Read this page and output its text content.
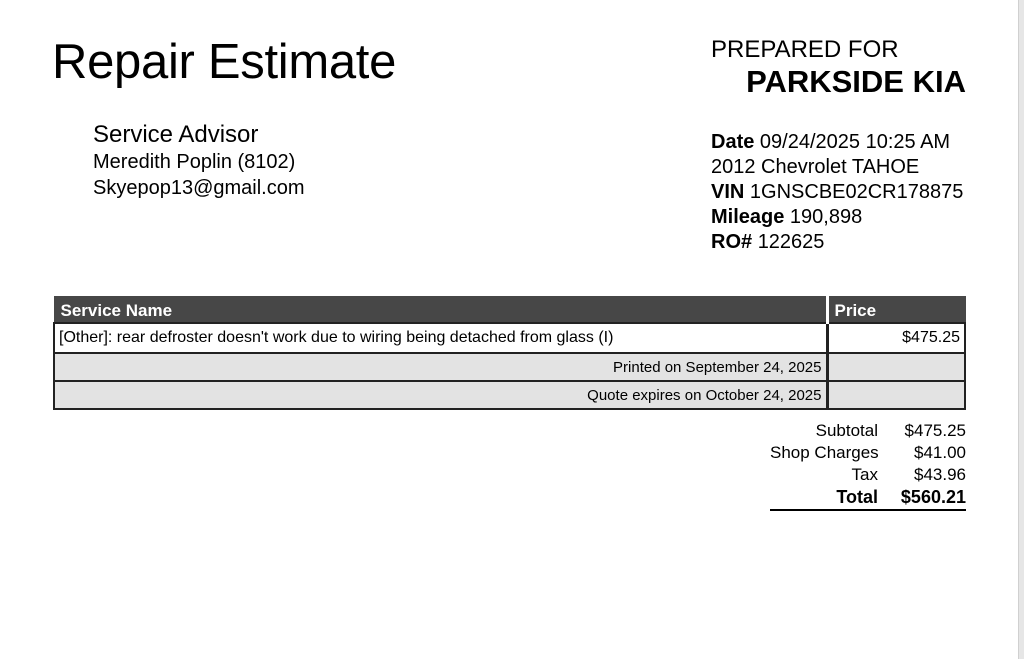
Repair Estimate	PREPARED FOR
PARKSIDE KIA
Service Advisor
Meredith Poplin (8102)
Skyepop13@gmail.com
Date 09/24/2025 10:25 AM
2012 Chevrolet TAHOE
VIN 1GNSCBE02CR178875
Mileage 190,898
RO# 122625
Service Name	Price
[Other]: rear defroster doesn't work due to wiring being detached from glass (I)	$475.25
Printed on September 24, 2025	
Quote expires on October 24, 2025	
Subtotal	$475.25
Shop Charges	$41.00
Tax	$43.96
Total	$560.21
